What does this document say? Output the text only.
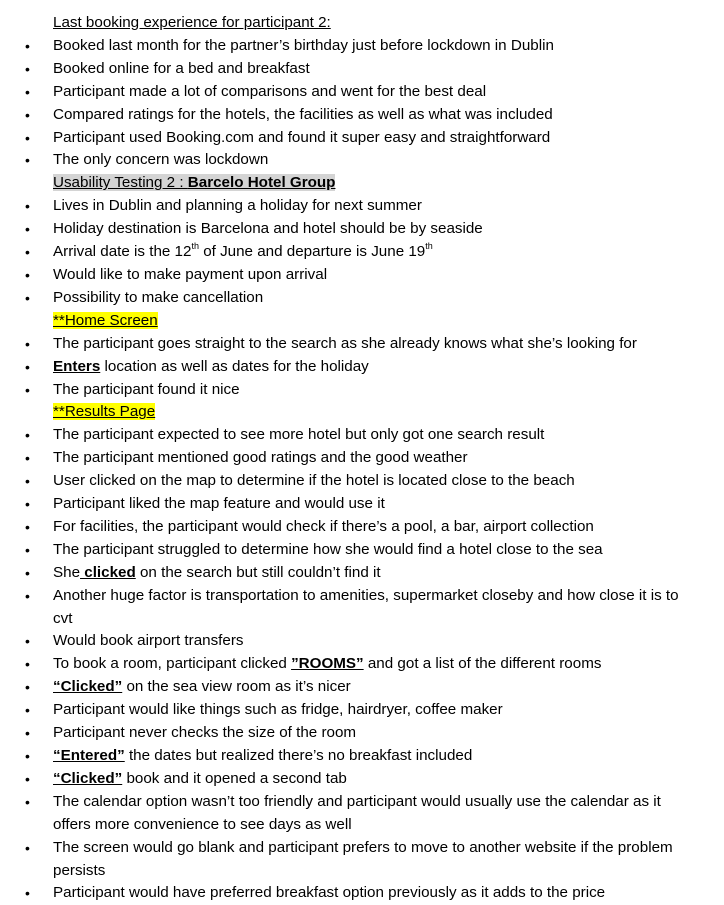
Last booking experience for participant 2:
• Booked last month for the partner’s birthday just before lockdown in Dublin
• Booked online for a bed and breakfast
• Participant made a lot of comparisons and went for the best deal
• Compared ratings for the hotels, the facilities as well as what was included
• Participant used Booking.com and found it super easy and straightforward
• The only concern was lockdown
Usability Testing 2 : Barcelo Hotel Group
• Lives in Dublin and planning a holiday for next summer
• Holiday destination is Barcelona and hotel should be by seaside
• Arrival date is the 12th of June and departure is June 19th
• Would like to make payment upon arrival
• Possibility to make cancellation
**Home Screen
• The participant goes straight to the search as she already knows what she’s looking for
• Enters location as well as dates for the holiday
• The participant found it nice
**Results Page
• The participant expected to see more hotel but only got one search result
• The participant mentioned good ratings and the good weather
• User clicked on the map to determine if the hotel is located close to the beach
• Participant liked the map feature and would use it
• For facilities, the participant would check if there’s a pool, a bar, airport collection
• The participant struggled to determine how she would find a hotel close to the sea
• She clicked on the search but still couldn’t find it
• Another huge factor is transportation to amenities, supermarket closeby and how close it is to cvt
• Would book airport transfers
• To book a room, participant clicked ”ROOMS” and got a list of the different rooms
• “Clicked” on the sea view room as it’s nicer
• Participant would like things such as fridge, hairdryer, coffee maker
• Participant never checks the size of the room
• “Entered” the dates but realized there’s no breakfast included
• “Clicked” book and it opened a second tab
• The calendar option wasn’t too friendly and participant would usually use the calendar as it offers more convenience to see days as well
• The screen would go blank and participant prefers to move to another website if the problem persists
• Participant would have preferred breakfast option previously as it adds to the price
